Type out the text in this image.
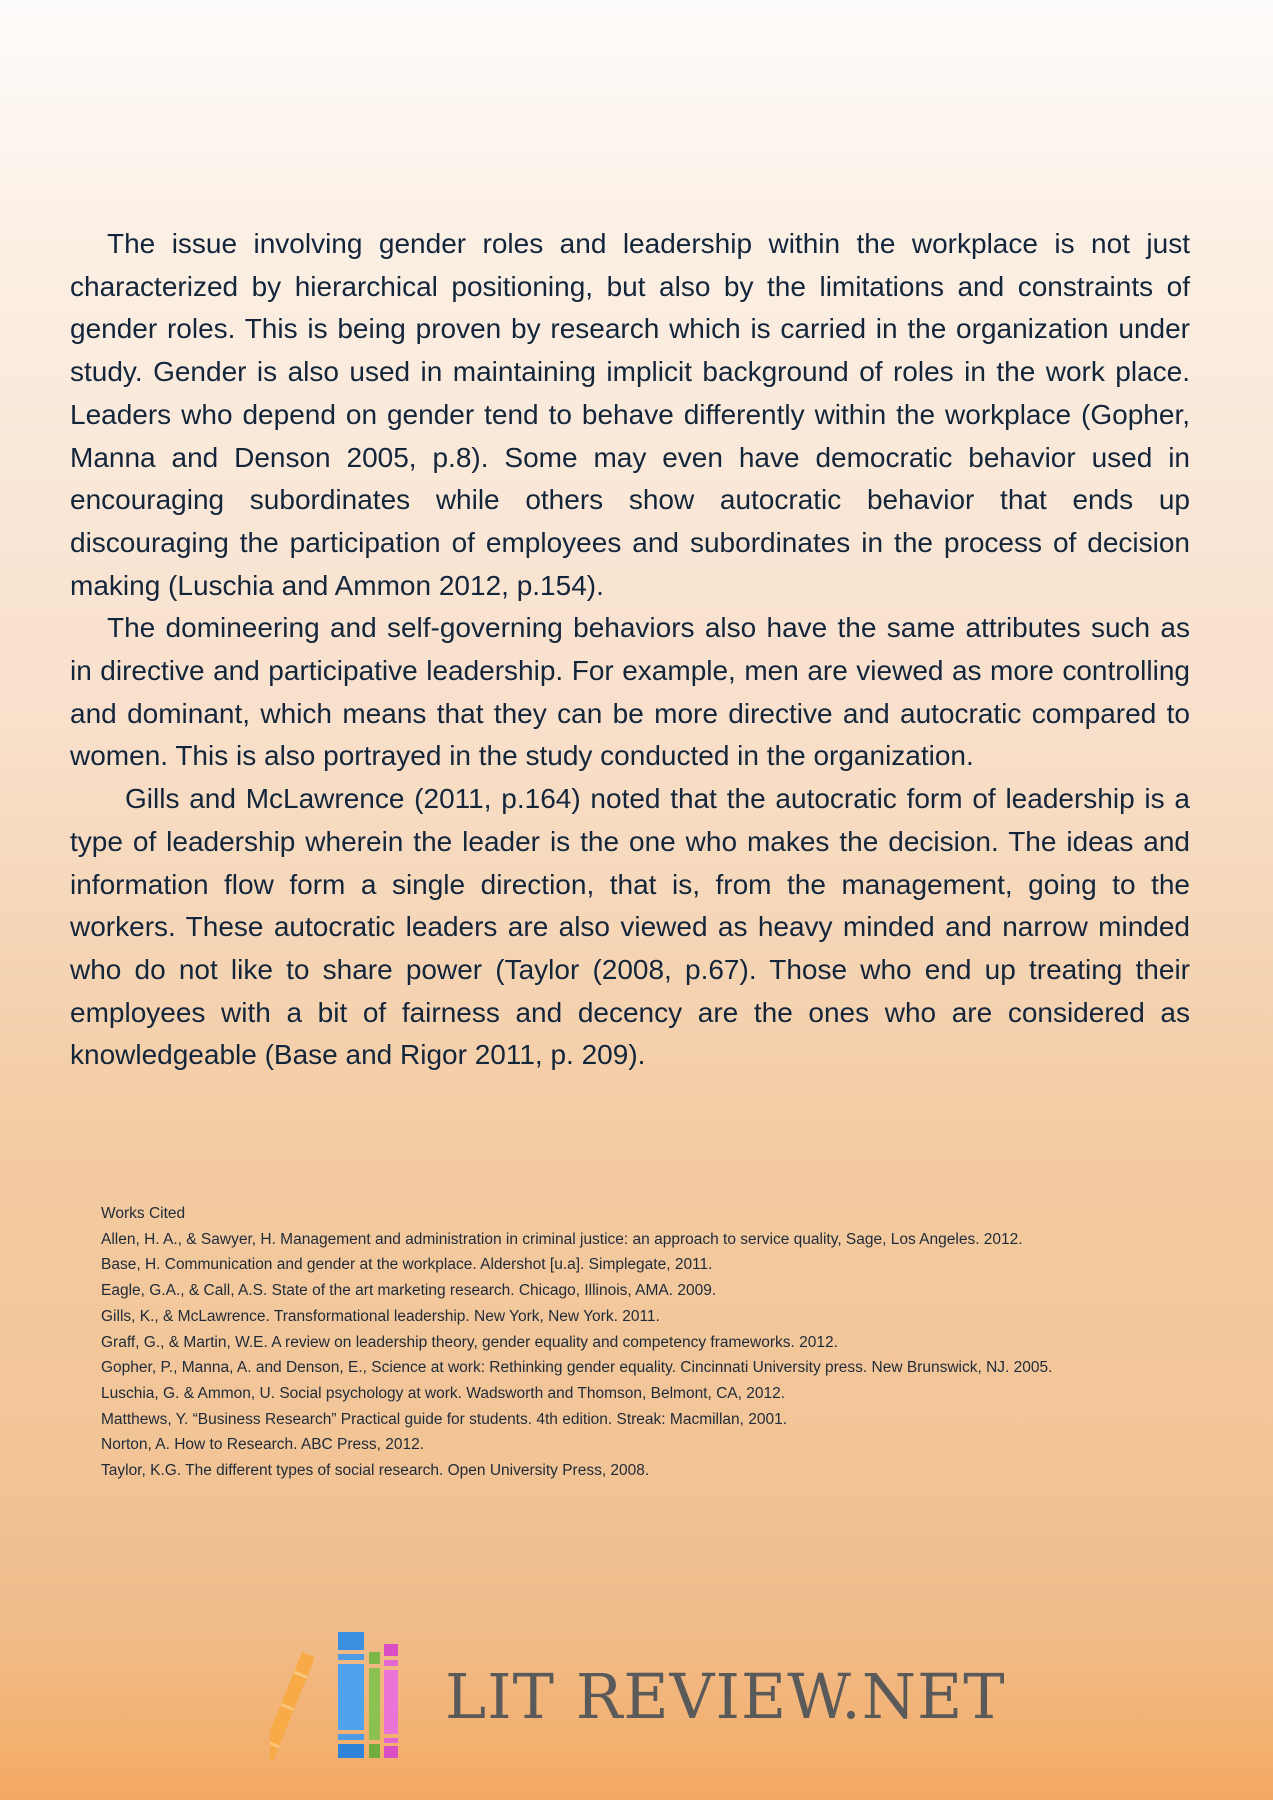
The issue involving gender roles and leadership within the workplace is not just characterized by hierarchical positioning, but also by the limitations and constraints of gender roles. This is being proven by research which is carried in the organization under study. Gender is also used in maintaining implicit background of roles in the work place. Leaders who depend on gender tend to behave differently within the workplace (Gopher, Manna and Denson 2005, p.8). Some may even have democratic behavior used in encouraging subordinates while others show autocratic behavior that ends up discouraging the participation of employees and subordinates in the process of decision making (Luschia and Ammon 2012, p.154).

The domineering and self-governing behaviors also have the same attributes such as in directive and participative leadership. For example, men are viewed as more controlling and dominant, which means that they can be more directive and autocratic compared to women. This is also portrayed in the study conducted in the organization.

Gills and McLawrence (2011, p.164) noted that the autocratic form of leadership is a type of leadership wherein the leader is the one who makes the decision. The ideas and information flow form a single direction, that is, from the management, going to the workers. These autocratic leaders are also viewed as heavy minded and narrow minded who do not like to share power (Taylor (2008, p.67). Those who end up treating their employees with a bit of fairness and decency are the ones who are considered as knowledgeable (Base and Rigor 2011, p. 209).

Works Cited
Allen, H. A., & Sawyer, H. Management and administration in criminal justice: an approach to service quality, Sage, Los Angeles. 2012.
Base, H. Communication and gender at the workplace. Aldershot [u.a]. Simplegate, 2011.
Eagle, G.A., & Call, A.S. State of the art marketing research. Chicago, Illinois, AMA. 2009.
Gills, K., & McLawrence. Transformational leadership. New York, New York. 2011.
Graff, G., & Martin, W.E. A review on leadership theory, gender equality and competency frameworks. 2012.
Gopher, P., Manna, A. and Denson, E., Science at work: Rethinking gender equality. Cincinnati University press. New Brunswick, NJ. 2005.
Luschia, G. & Ammon, U. Social psychology at work. Wadsworth and Thomson, Belmont, CA, 2012.
Matthews, Y. “Business Research” Practical guide for students. 4th edition. Streak: Macmillan, 2001.
Norton, A. How to Research. ABC Press, 2012.
Taylor, K.G. The different types of social research. Open University Press, 2008.
LIT REVIEW.NET
